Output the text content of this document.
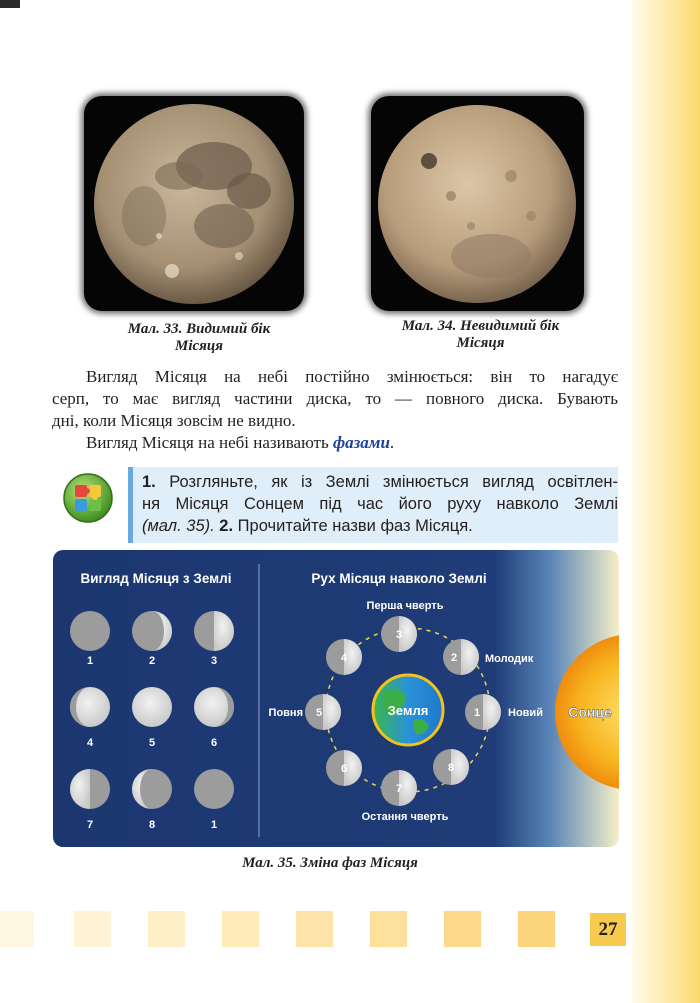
Мал. 33. Видимий бік
Місяця
Мал. 34. Невидимий бік
Місяця

Вигляд Місяця на небі постійно змінюється: він то нагадує

серп, то має вигляд частини диска, то — повного диска. Бувають
дні, коли Місяця зовсім не видно.

Вигляд Місяця на небі називають фазами.

1. Розгляньте, як із Землі змінюється вигляд освітлен-
ня Місяця Сонцем під час його руху навколо Землі
(мал. 35). 2. Прочитайте назви фаз Місяця.
Сонце
Вигляд Місяця з Землі	Рух Місяця навколо Землі
1	2	3
4	5	6
7	8	1
Земля	1
2
3
4
5
6
7
8
Перша чверть
Молодик
Новий
Повня
Остання чверть
Мал. 35. Зміна фаз Місяця
27
